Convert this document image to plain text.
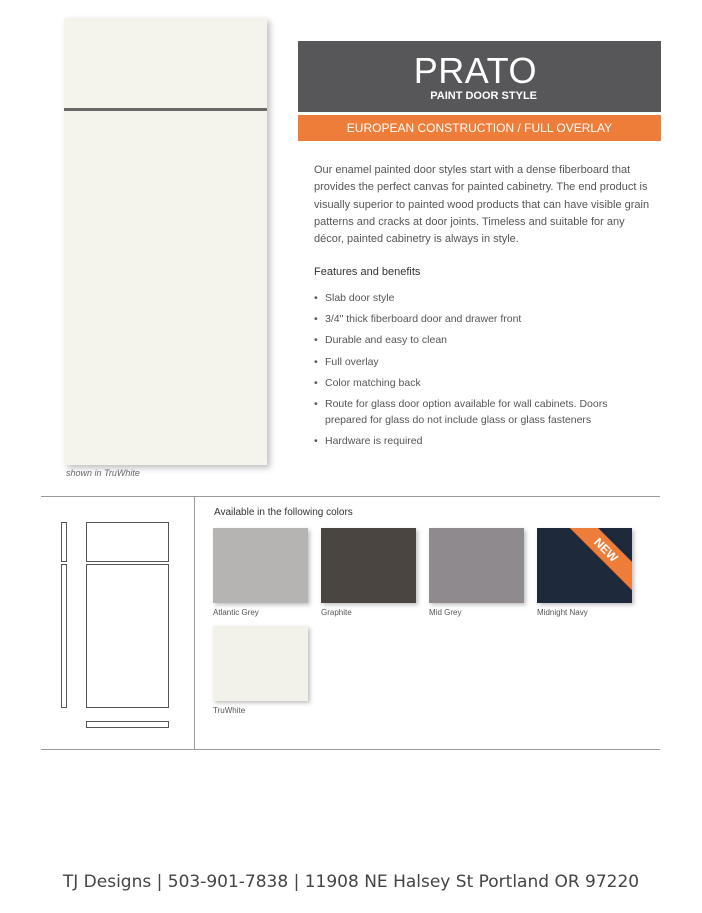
shown in TruWhite
PRATO
PAINT DOOR STYLE
EUROPEAN CONSTRUCTION / FULL OVERLAY
Our enamel painted door styles start with a dense fiberboard that provides the perfect canvas for painted cabinetry. The end product is visually superior to painted wood products that can have visible grain patterns and cracks at door joints. Timeless and suitable for any décor, painted cabinetry is always in style.
Features and benefits
• Slab door style
• 3/4" thick fiberboard door and drawer front
• Durable and easy to clean
• Full overlay
• Color matching back
• Route for glass door option available for wall cabinets. Doors prepared for glass do not include glass or glass fasteners
• Hardware is required
Available in the following colors
Atlantic Grey	Graphite	Mid Grey
NEW
Midnight Navy
TruWhite
TJ Designs | 503-901-7838 | 11908 NE Halsey St Portland OR 97220
